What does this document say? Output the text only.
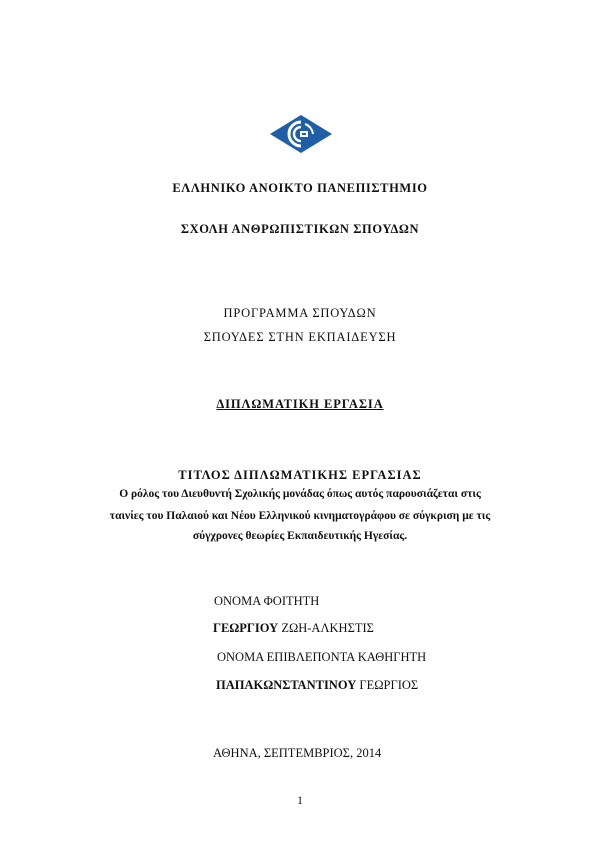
ΕΛΛΗΝΙΚΟ ΑΝΟΙΚΤΟ ΠΑΝΕΠΙΣΤΗΜΙΟ
ΣΧΟΛΗ ΑΝΘΡΩΠΙΣΤΙΚΩΝ ΣΠΟΥΔΩΝ
ΠΡΟΓΡΑΜΜΑ ΣΠΟΥΔΩΝ
ΣΠΟΥΔΕΣ ΣΤΗΝ ΕΚΠΑΙΔΕΥΣΗ
ΔΙΠΛΩΜΑΤΙΚΗ ΕΡΓΑΣΙΑ
ΤΙΤΛΟΣ ΔΙΠΛΩΜΑΤΙΚΗΣ ΕΡΓΑΣΙΑΣ
Ο ρόλος του Διευθυντή Σχολικής μονάδας όπως αυτός παρουσιάζεται στις
ταινίες του Παλαιού και Νέου Ελληνικού κινηματογράφου σε σύγκριση με τις
σύγχρονες θεωρίες Εκπαιδευτικής Ηγεσίας.
ΟΝΟΜΑ ΦΟΙΤΗΤΗ
ΓΕΩΡΓΙΟΥ ΖΩΗ-ΑΛΚΗΣΤΙΣ
ΟΝΟΜΑ ΕΠΙΒΛΕΠΟΝΤΑ ΚΑΘΗΓΗΤΗ
ΠΑΠΑΚΩΝΣΤΑΝΤΙΝΟΥ ΓΕΩΡΓΙΟΣ
ΑΘΗΝΑ, ΣΕΠΤΕΜΒΡΙΟΣ, 2014
1
